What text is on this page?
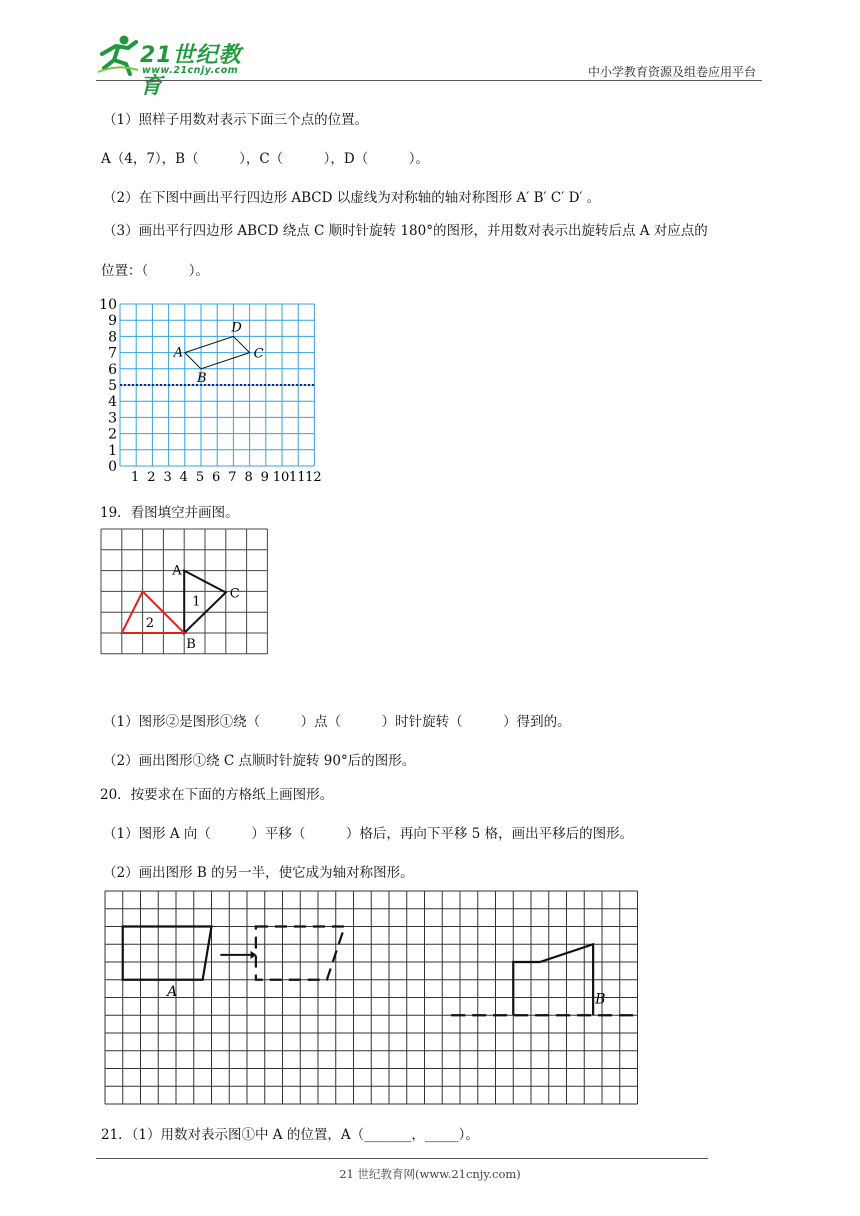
21世纪教育
www.21cnjy.com	中小学教育资源及组卷应用平台
（1）照样子用数对表示下面三个点的位置。
A（4，7），B（　　　），C（　　　），D（　　　）。
（2）在下图中画出平行四边形 ABCD 以虚线为对称轴的轴对称图形 A′ B′ C′ D′ 。
（3）画出平行四边形 ABCD 绕点 C 顺时针旋转 180°的图形，并用数对表示出旋转后点 A 对应点的
位置：（　　　）。
10
9
8
7
6
5
4
3
2
1
0
1 2 3 4 5 6 7 8 9 10 11 12
A
B
C
D
19．看图填空并画图。
A
B
C
1
2
（1）图形②是图形①绕（　　　）点（　　　）时针旋转（　　　）得到的。
（2）画出图形①绕 C 点顺时针旋转 90°后的图形。
20．按要求在下面的方格纸上画图形。
（1）图形 A 向（　　　）平移（　　　）格后，再向下平移 5 格，画出平移后的图形。
（2）画出图形 B 的另一半，使它成为轴对称图形。
A	B
21．（1）用数对表示图①中 A 的位置，A（_______，_____）。
21 世纪教育网(www.21cnjy.com)
